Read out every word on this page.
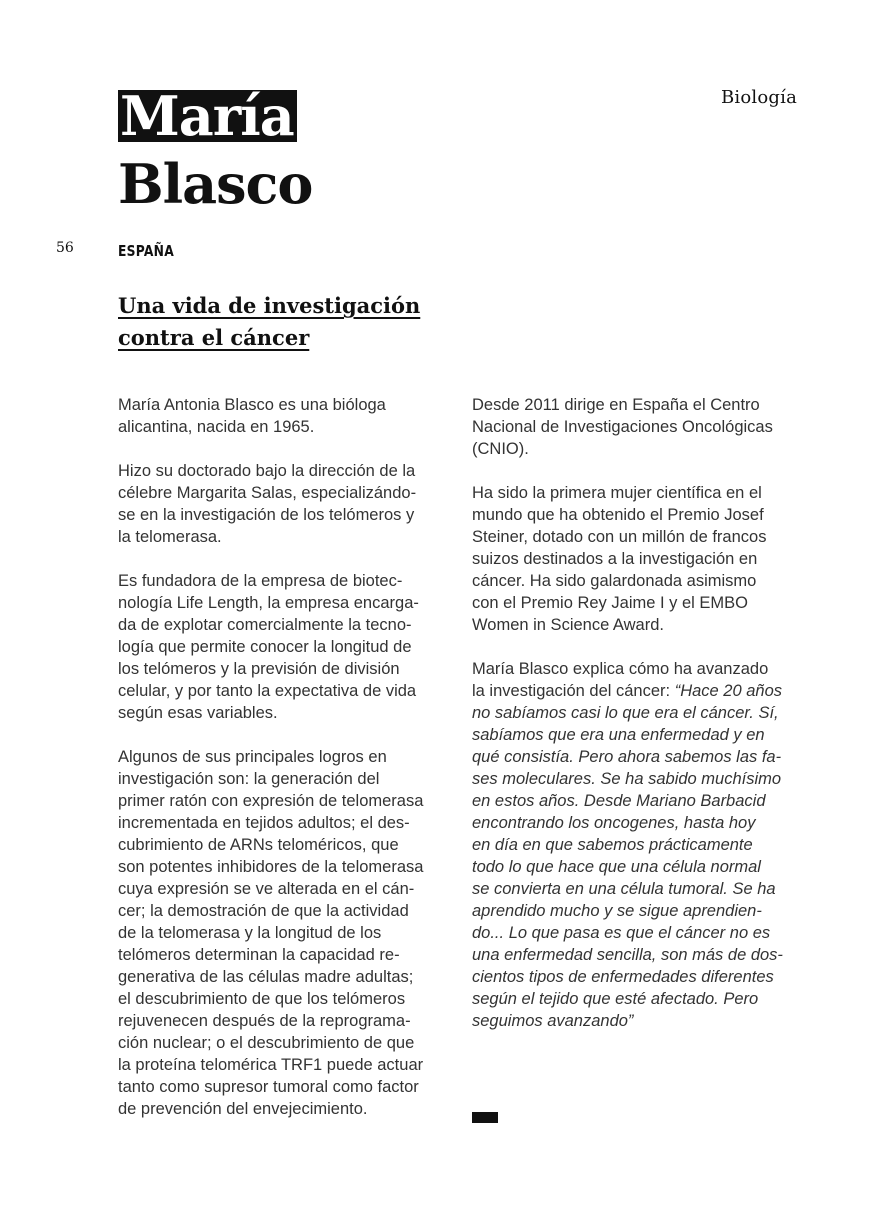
Biología
María
Blasco
56	ESPAÑA
Una vida de investigación
contra el cáncer

María Antonia Blasco es una bióloga
alicantina, nacida en 1965.

Hizo su doctorado bajo la dirección de la
célebre Margarita Salas, especializándo-
se en la investigación de los telómeros y
la telomerasa.

Es fundadora de la empresa de biotec-
nología Life Length, la empresa encarga-
da de explotar comercialmente la tecno-
logía que permite conocer la longitud de
los telómeros y la previsión de división
celular, y por tanto la expectativa de vida
según esas variables.

Algunos de sus principales logros en
investigación son: la generación del
primer ratón con expresión de telomerasa
incrementada en tejidos adultos; el des-
cubrimiento de ARNs teloméricos, que
son potentes inhibidores de la telomerasa
cuya expresión se ve alterada en el cán-
cer; la demostración de que la actividad
de la telomerasa y la longitud de los
telómeros determinan la capacidad re-
generativa de las células madre adultas;
el descubrimiento de que los telómeros
rejuvenecen después de la reprograma-
ción nuclear; o el descubrimiento de que
la proteína telomérica TRF1 puede actuar
tanto como supresor tumoral como factor
de prevención del envejecimiento.

Desde 2011 dirige en España el Centro
Nacional de Investigaciones Oncológicas
(CNIO).

Ha sido la primera mujer científica en el
mundo que ha obtenido el Premio Josef
Steiner, dotado con un millón de francos
suizos destinados a la investigación en
cáncer. Ha sido galardonada asimismo
con el Premio Rey Jaime I y el EMBO
Women in Science Award.

María Blasco explica cómo ha avanzado
la investigación del cáncer: “Hace 20 años
no sabíamos casi lo que era el cáncer. Sí,
sabíamos que era una enfermedad y en
qué consistía. Pero ahora sabemos las fa-
ses moleculares. Se ha sabido muchísimo
en estos años. Desde Mariano Barbacid
encontrando los oncogenes, hasta hoy
en día en que sabemos prácticamente
todo lo que hace que una célula normal
se convierta en una célula tumoral. Se ha
aprendido mucho y se sigue aprendien-
do... Lo que pasa es que el cáncer no es
una enfermedad sencilla, son más de dos-
cientos tipos de enfermedades diferentes
según el tejido que esté afectado. Pero
seguimos avanzando”
